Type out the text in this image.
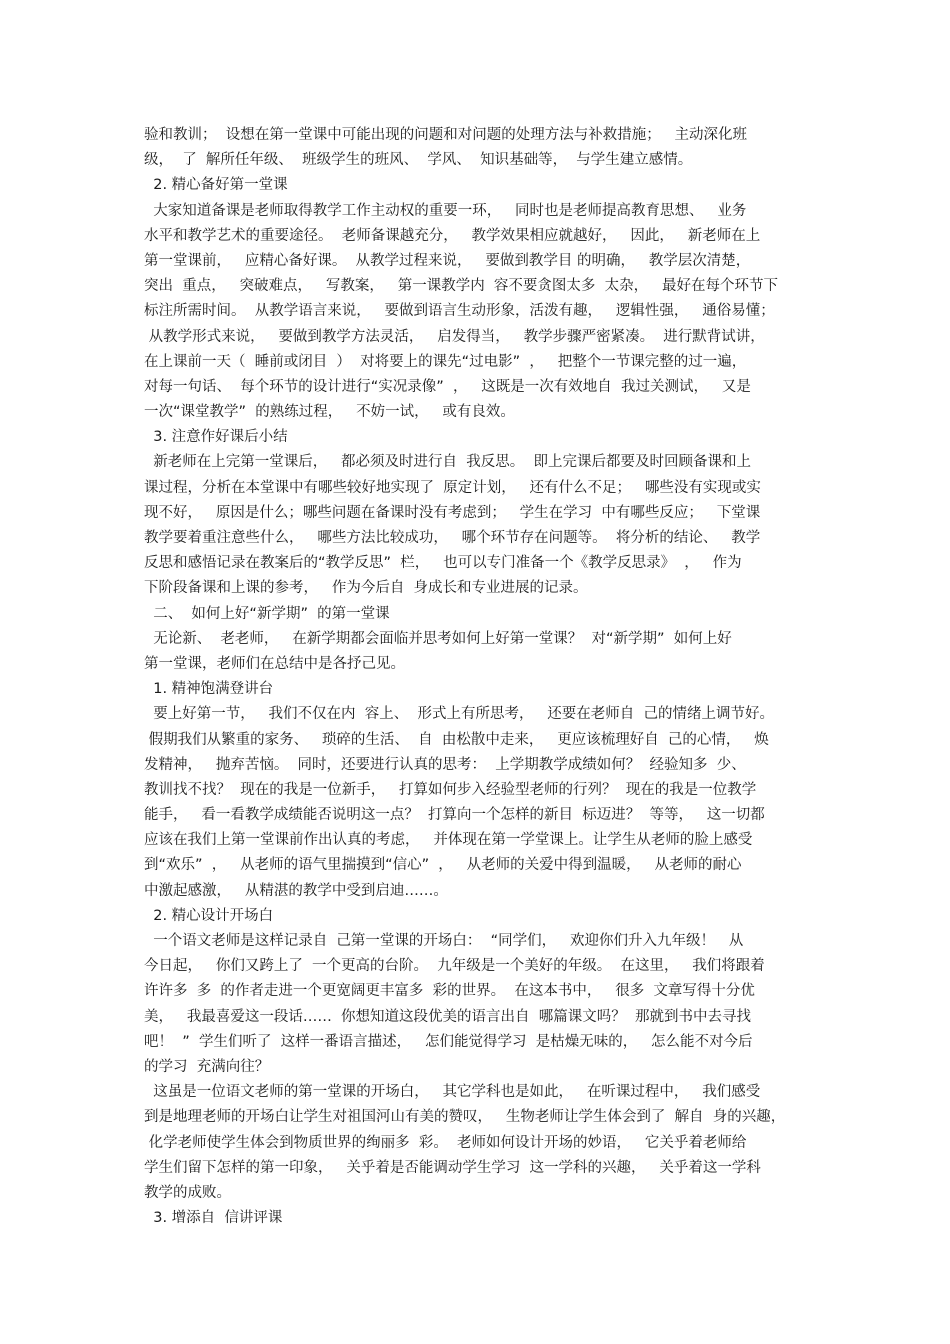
验和教训；  设想在第一堂课中可能出现的问题和对问题的处理方法与补救措施；   主动深化班
级，  了  解所任年级、  班级学生的班风、  学风、  知识基础等，  与学生建立感情。
2. 精心备好第一堂课
大家知道备课是老师取得教学工作主动权的重要一环，   同时也是老师提高教育思想、   业务
水平和教学艺术的重要途径。  老师备课越充分，   教学效果相应就越好，   因此，   新老师在上
第一堂课前，   应精心备好课。  从教学过程来说，   要做到教学目 的明确，   教学层次清楚，
突出  重点，   突破难点，   写教案，   第一课教学内  容不要贪图太多  太杂，   最好在每个环节下
标注所需时间。  从教学语言来说，   要做到语言生动形象，活泼有趣，   逻辑性强，   通俗易懂；
从教学形式来说，   要做到教学方法灵活，   启发得当，   教学步骤严密紧凑。  进行默背试讲，
在上课前一天（  睡前或闭目  ）  对将要上的课先“过电影”  ，   把整个一节课完整的过一遍，
对每一句话、  每个环节的设计进行“实况录像”  ，   这既是一次有效地自  我过关测试，   又是
一次“课堂教学”  的熟练过程，   不妨一试，   或有良效。
3. 注意作好课后小结
新老师在上完第一堂课后，   都必须及时进行自  我反思。  即上完课后都要及时回顾备课和上
课过程，分析在本堂课中有哪些较好地实现了  原定计划，   还有什么不足；   哪些没有实现或实
现不好，   原因是什么；哪些问题在备课时没有考虑到；   学生在学习  中有哪些反应；   下堂课
教学要着重注意些什么，   哪些方法比较成功，   哪个环节存在问题等。  将分析的结论、   教学
反思和感悟记录在教案后的“教学反思”  栏，   也可以专门准备一个《教学反思录》  ，   作为
下阶段备课和上课的参考，   作为今后自  身成长和专业进展的记录。
二、  如何上好“新学期”  的第一堂课
无论新、  老老师，   在新学期都会面临并思考如何上好第一堂课？  对“新学期”  如何上好
第一堂课，老师们在总结中是各抒己见。
1. 精神饱满登讲台
要上好第一节，   我们不仅在内  容上、  形式上有所思考，   还要在老师自  己的情绪上调节好。
假期我们从繁重的家务、   琐碎的生活、  自  由松散中走来，   更应该梳理好自  己的心情，   焕
发精神，   抛弃苦恼。  同时，还要进行认真的思考：  上学期教学成绩如何？  经验知多  少、
教训找不找？  现在的我是一位新手，   打算如何步入经验型老师的行列？  现在的我是一位教学
能手，   看一看教学成绩能否说明这一点？  打算向一个怎样的新目  标迈进？  等等，   这一切都
应该在我们上第一堂课前作出认真的考虑，   并体现在第一学堂课上。让学生从老师的脸上感受
到“欢乐”  ，   从老师的语气里揣摸到“信心”  ，   从老师的关爱中得到温暖，   从老师的耐心
中激起感激，   从精湛的教学中受到启迪……。
2. 精心设计开场白
一个语文老师是这样记录自  己第一堂课的开场白：  “同学们，   欢迎你们升入九年级！   从
今日起，   你们又跨上了  一个更高的台阶。  九年级是一个美好的年级。  在这里，   我们将跟着
许许多  多  的作者走进一个更宽阔更丰富多  彩的世界。  在这本书中，   很多  文章写得十分优
美，   我最喜爱这一段话……  你想知道这段优美的语言出自  哪篇课文吗？  那就到书中去寻找
吧！  ”  学生们听了  这样一番语言描述，   怎们能觉得学习  是枯燥无味的，   怎么能不对今后
的学习  充满向往？
这虽是一位语文老师的第一堂课的开场白，   其它学科也是如此，   在听课过程中，   我们感受
到是地理老师的开场白让学生对祖国河山有美的赞叹，   生物老师让学生体会到了  解自  身的兴趣，
化学老师使学生体会到物质世界的绚丽多  彩。  老师如何设计开场的妙语，   它关乎着老师给
学生们留下怎样的第一印象，   关乎着是否能调动学生学习  这一学科的兴趣，   关乎着这一学科
教学的成败。
3. 增添自  信讲评课
